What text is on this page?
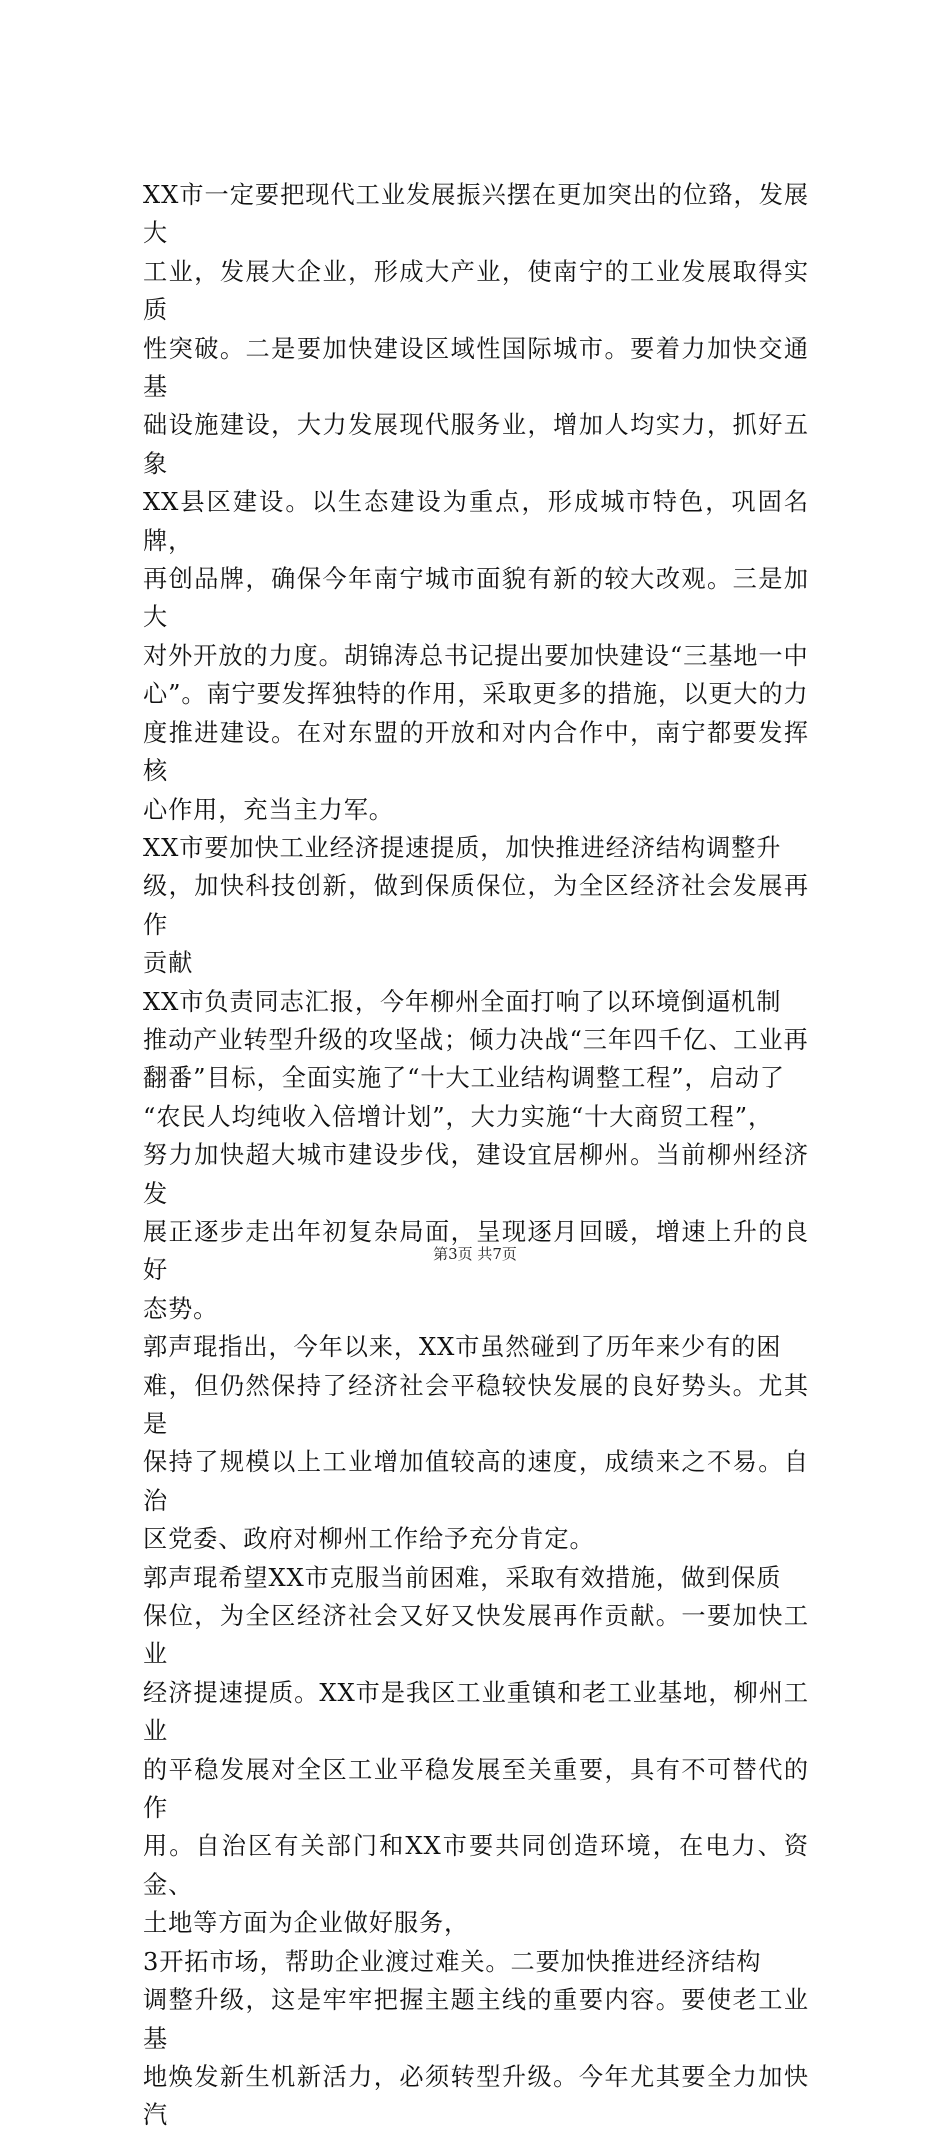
XX市一定要把现代工业发展振兴摆在更加突出的位臵，发展大
工业，发展大企业，形成大产业，使南宁的工业发展取得实质
性突破。二是要加快建设区域性国际城市。要着力加快交通基
础设施建设，大力发展现代服务业，增加人均实力，抓好五象
XX县区建设。以生态建设为重点，形成城市特色，巩固名牌，
再创品牌，确保今年南宁城市面貌有新的较大改观。三是加大
对外开放的力度。胡锦涛总书记提出要加快建设“三基地一中
心”。南宁要发挥独特的作用，采取更多的措施，以更大的力
度推进建设。在对东盟的开放和对内合作中，南宁都要发挥核
心作用，充当主力军。

XX市要加快工业经济提速提质，加快推进经济结构调整升
级，加快科技创新，做到保质保位，为全区经济社会发展再作
贡献

XX市负责同志汇报，今年柳州全面打响了以环境倒逼机制
推动产业转型升级的攻坚战；倾力决战“三年四千亿、工业再
翻番”目标，全面实施了“十大工业结构调整工程”，启动了
“农民人均纯收入倍增计划”，大力实施“十大商贸工程”，
努力加快超大城市建设步伐，建设宜居柳州。当前柳州经济发
展正逐步走出年初复杂局面，呈现逐月回暖，增速上升的良好
态势。

郭声琨指出，今年以来，XX市虽然碰到了历年来少有的困
难，但仍然保持了经济社会平稳较快发展的良好势头。尤其是
保持了规模以上工业增加值较高的速度，成绩来之不易。自治
区党委、政府对柳州工作给予充分肯定。

郭声琨希望XX市克服当前困难，采取有效措施，做到保质
保位，为全区经济社会又好又快发展再作贡献。一要加快工业
经济提速提质。XX市是我区工业重镇和老工业基地，柳州工业
的平稳发展对全区工业平稳发展至关重要，具有不可替代的作
用。自治区有关部门和XX市要共同创造环境，在电力、资金、
土地等方面为企业做好服务，

3开拓市场，帮助企业渡过难关。二要加快推进经济结构
调整升级，这是牢牢把握主题主线的重要内容。要使老工业基
地焕发新生机新活力，必须转型升级。今年尤其要全力加快汽

第3页 共7页
